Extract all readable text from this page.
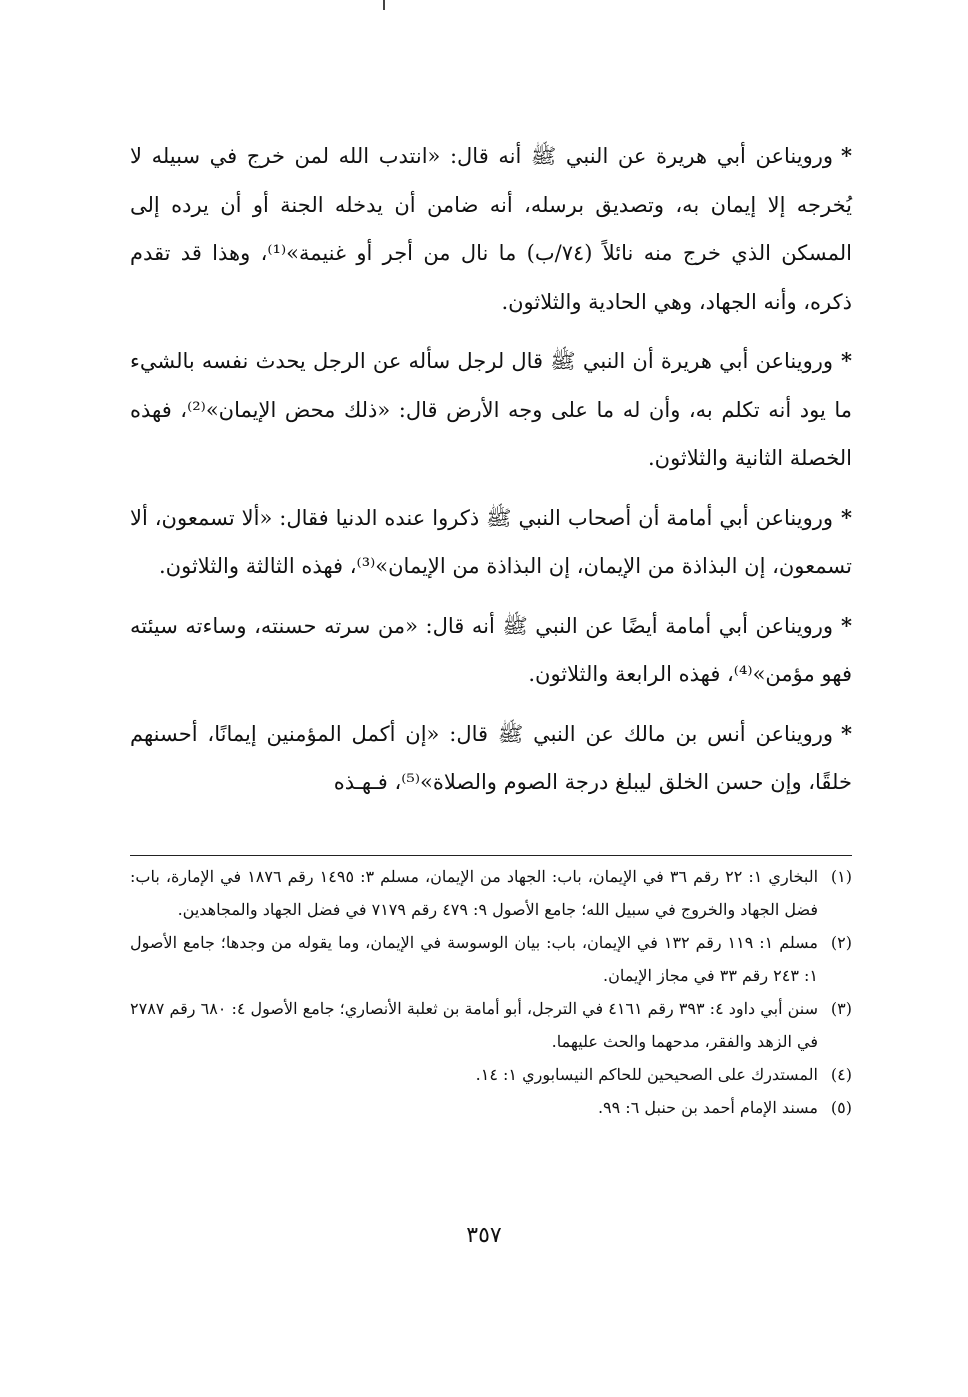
*ورويناعن أبي هريرة عن النبي ﷺ أنه قال: «انتدب الله لمن خرج في سبيله لا يُخرجه إلا إيمان به، وتصديق برسله، أنه ضامن أن يدخله الجنة أو أن يرده إلى المسكن الذي خرج منه نائلاً (٧٤/ب) ما نال من أجر أو غنيمة»⁽¹⁾، وهذا قد تقدم ذكره، وأنه الجهاد، وهي الحادية والثلاثون.

*ورويناعن أبي هريرة أن النبي ﷺ قال لرجل سأله عن الرجل يحدث نفسه بالشيء ما يود أنه تكلم به، وأن له ما على وجه الأرض قال: «ذلك محض الإيمان»⁽²⁾، فهذه الخصلة الثانية والثلاثون.

*ورويناعن أبي أمامة أن أصحاب النبي ﷺ ذكروا عنده الدنيا فقال: «ألا تسمعون، ألا تسمعون، إن البذاذة من الإيمان، إن البذاذة من الإيمان»⁽³⁾، فهذه الثالثة والثلاثون.

*ورويناعن أبي أمامة أيضًا عن النبي ﷺ أنه قال: «من سرته حسنته، وساءته سيئته فهو مؤمن»⁽⁴⁾، فهذه الرابعة والثلاثون.

*ورويناعن أنس بن مالك عن النبي ﷺ قال: «إن أكمل المؤمنين إيمانًا، أحسنهم خلقًا، وإن حسن الخلق ليبلغ درجة الصوم والصلاة»⁽⁵⁾، فـهـذه

(١)
البخاري ١: ٢٢ رقم ٣٦ في الإيمان، باب: الجهاد من الإيمان، مسلم ٣: ١٤٩٥ رقم ١٨٧٦ في الإمارة، باب: فضل الجهاد والخروج في سبيل الله؛ جامع الأصول ٩: ٤٧٩ رقم ٧١٧٩ في فضل الجهاد والمجاهدين.
(٢)
مسلم ١: ١١٩ رقم ١٣٢ في الإيمان، باب: بيان الوسوسة في الإيمان، وما يقوله من وجدها؛ جامع الأصول ١: ٢٤٣ رقم ٣٣ في مجاز الإيمان.
(٣)
سنن أبي داود ٤: ٣٩٣ رقم ٤١٦١ في الترجل، أبو أمامة بن ثعلبة الأنصاري؛ جامع الأصول ٤: ٦٨٠ رقم ٢٧٨٧ في الزهد والفقر، مدحهما والحث عليهما.
(٤)
المستدرك على الصحيحين للحاكم النيسابوري ١: ١٤.
(٥)
مسند الإمام أحمد بن حنبل ٦: ٩٩.
٣٥٧
